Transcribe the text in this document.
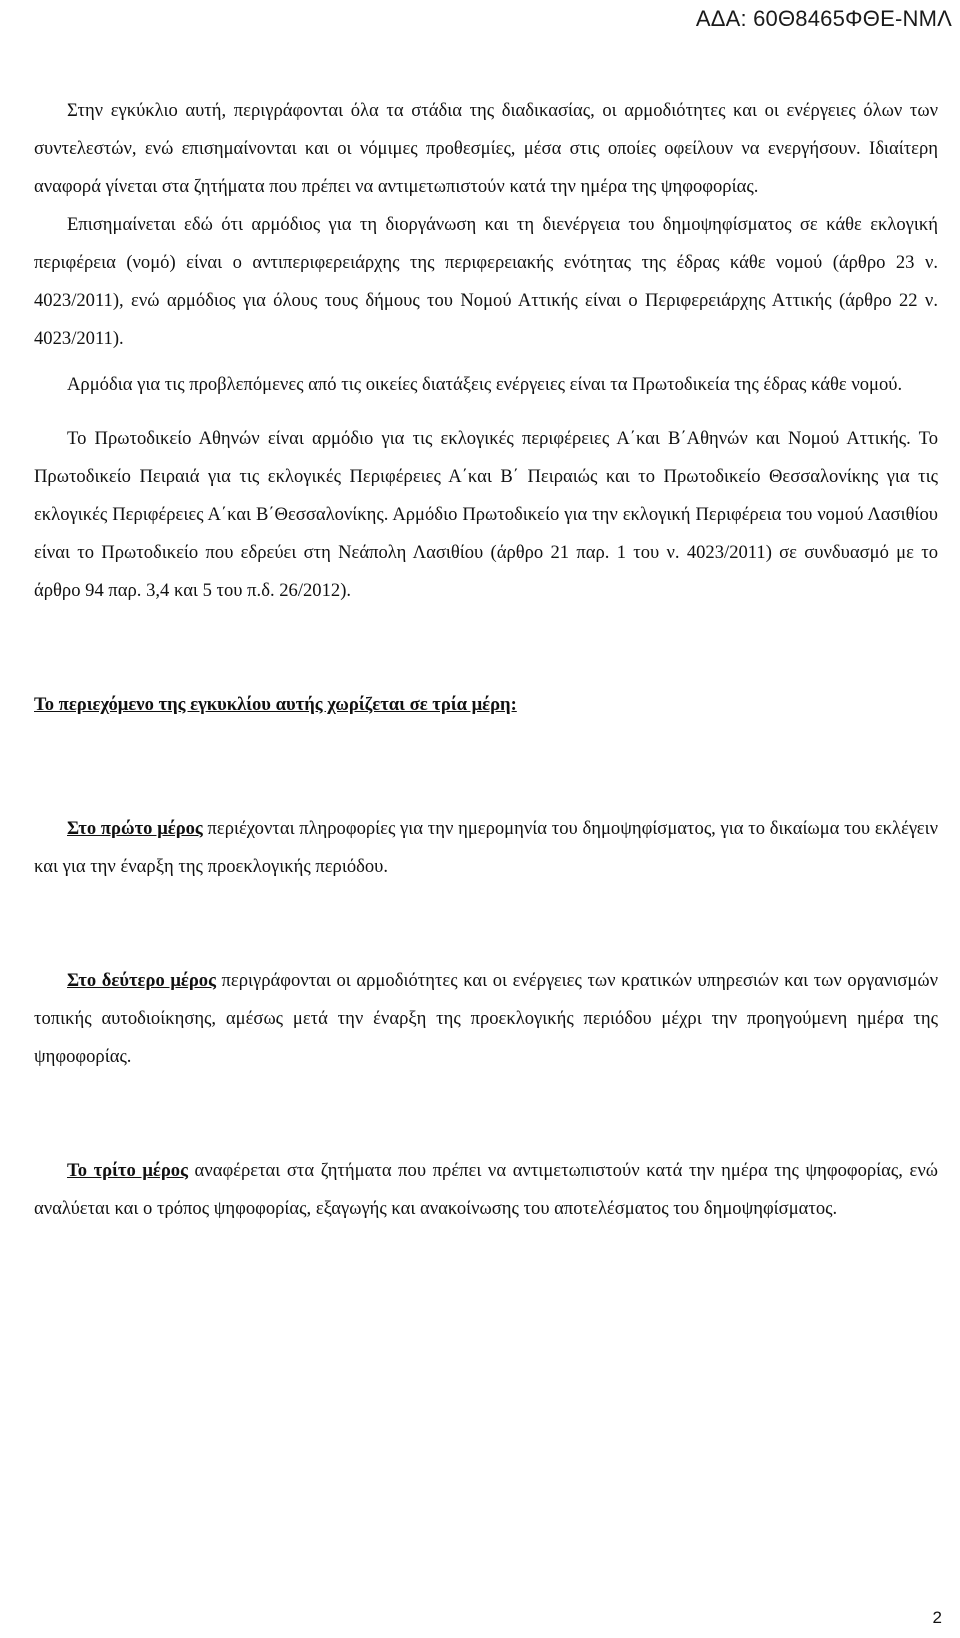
ΑΔΑ: 60Θ8465ΦΘΕ-ΝΜΛ

Στην εγκύκλιο αυτή, περιγράφονται όλα τα στάδια της διαδικασίας, οι αρμοδιότητες και οι ενέργειες όλων των συντελεστών, ενώ επισημαίνονται και οι νόμιμες προθεσμίες, μέσα στις οποίες οφείλουν να ενεργήσουν. Ιδιαίτερη αναφορά γίνεται στα ζητήματα που πρέπει να αντιμετωπιστούν κατά την ημέρα της ψηφοφορίας.

Επισημαίνεται εδώ ότι αρμόδιος για τη διοργάνωση και τη διενέργεια του δημοψηφίσματος σε κάθε εκλογική περιφέρεια (νομό) είναι ο αντιπεριφερειάρχης της περιφερειακής ενότητας της έδρας κάθε νομού (άρθρο 23 ν. 4023/2011), ενώ αρμόδιος για όλους τους δήμους του Νομού Αττικής είναι ο Περιφερειάρχης Αττικής (άρθρο 22 ν. 4023/2011).

Αρμόδια για τις προβλεπόμενες από τις οικείες διατάξεις ενέργειες είναι τα Πρωτοδικεία της έδρας κάθε νομού.

Το Πρωτοδικείο Αθηνών είναι αρμόδιο για τις εκλογικές περιφέρειες Α΄και Β΄Αθηνών και Νομού Αττικής. Το Πρωτοδικείο Πειραιά για τις εκλογικές Περιφέρειες Α΄και Β΄ Πειραιώς και το Πρωτοδικείο Θεσσαλονίκης για τις εκλογικές Περιφέρειες Α΄και Β΄Θεσσαλονίκης. Αρμόδιο Πρωτοδικείο για την εκλογική Περιφέρεια του νομού Λασιθίου είναι το Πρωτοδικείο που εδρεύει στη Νεάπολη Λασιθίου (άρθρο 21 παρ. 1 του ν. 4023/2011) σε συνδυασμό με το άρθρο 94 παρ. 3,4 και 5 του π.δ. 26/2012).

Το περιεχόμενο της εγκυκλίου αυτής χωρίζεται σε τρία μέρη:

Στο πρώτο μέρος περιέχονται πληροφορίες για την ημερομηνία του δημοψηφίσματος, για το δικαίωμα του εκλέγειν και για την έναρξη της προεκλογικής περιόδου.

Στο δεύτερο μέρος περιγράφονται οι αρμοδιότητες και οι ενέργειες των κρατικών υπηρεσιών και των οργανισμών τοπικής αυτοδιοίκησης, αμέσως μετά την έναρξη της προεκλογικής περιόδου μέχρι την προηγούμενη ημέρα της ψηφοφορίας.

Το τρίτο μέρος αναφέρεται στα ζητήματα που πρέπει να αντιμετωπιστούν κατά την ημέρα της ψηφοφορίας, ενώ αναλύεται και ο τρόπος ψηφοφορίας, εξαγωγής και ανακοίνωσης του αποτελέσματος του δημοψηφίσματος.

2
